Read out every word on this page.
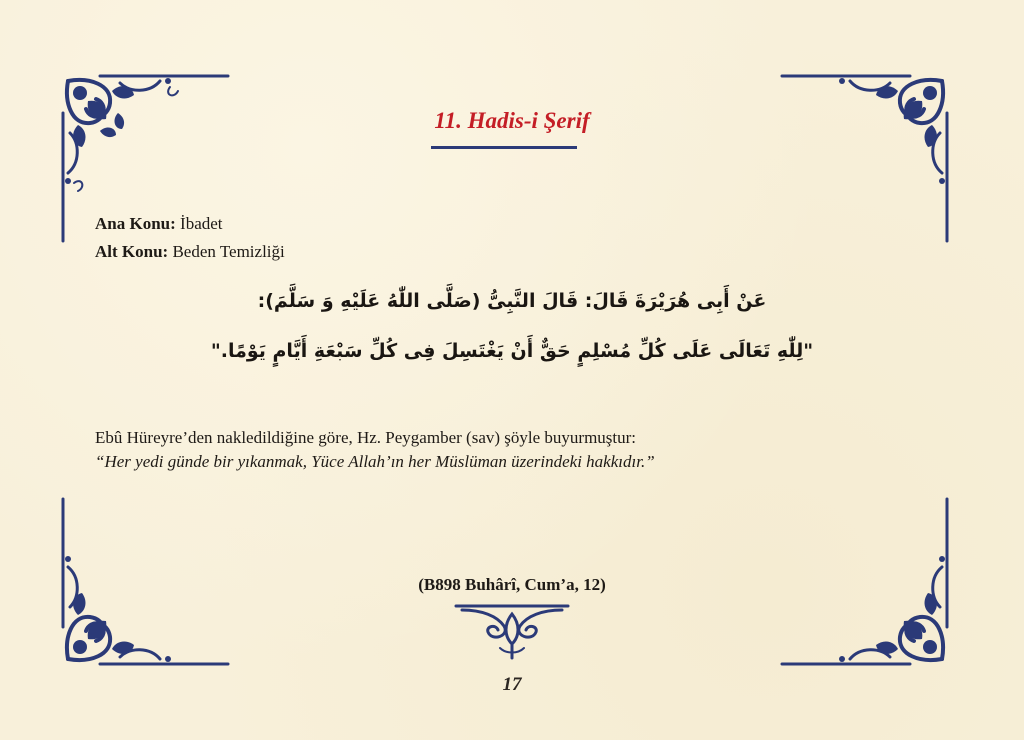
11. Hadis-i Şerif
Ana Konu: İbadet
Alt Konu: Beden Temizliği
عَنْ أَبِى هُرَيْرَةَ قَالَ: قَالَ النَّبِىُّ (صَلَّى اللّٰهُ عَلَيْهِ وَ سَلَّمَ):
"لِلّٰهِ تَعَالَى عَلَى كُلِّ مُسْلِمٍ حَقٌّ أَنْ يَغْتَسِلَ فِى كُلِّ سَبْعَةِ أَيَّامٍ يَوْمًا."
Ebû Hüreyre’den nakledildiğine göre, Hz. Peygamber (sav) şöyle buyurmuştur:
“Her yedi günde bir yıkanmak, Yüce Allah’ın her Müslüman üzerindeki hakkıdır.”
(B898 Buhârî, Cum’a, 12)
17
